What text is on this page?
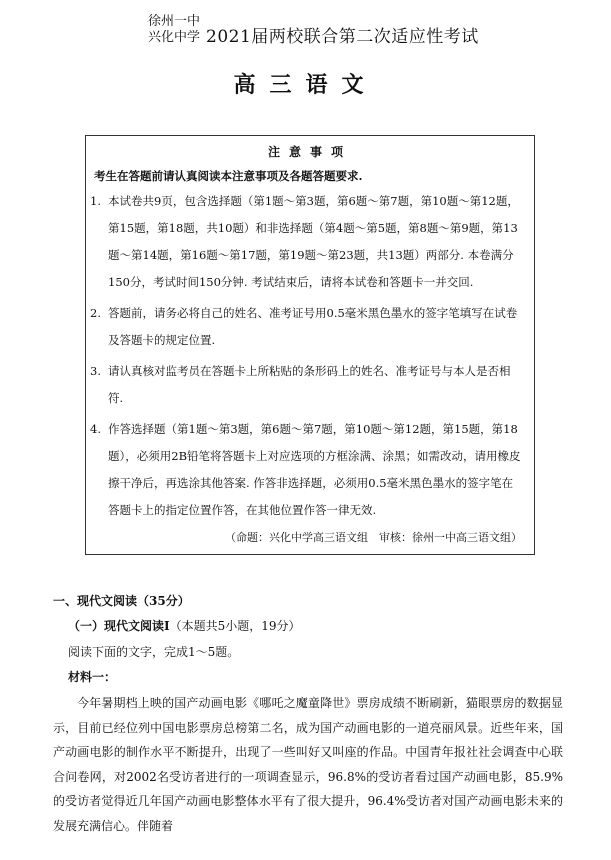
徐州一中
兴化中学 2021届两校联合第二次适应性考试
高三语文
注意事项
考生在答题前请认真阅读本注意事项及各题答题要求.
1. 本试卷共9页，包含选择题（第1题～第3题，第6题～第7题，第10题～第12题，第15题，第18题，共10题）和非选择题（第4题～第5题，第8题～第9题，第13题～第14题，第16题～第17题，第19题～第23题，共13题）两部分. 本卷满分150分，考试时间150分钟. 考试结束后，请将本试卷和答题卡一并交回.
2. 答题前，请务必将自己的姓名、准考证号用0.5毫米黑色墨水的签字笔填写在试卷及答题卡的规定位置.
3. 请认真核对监考员在答题卡上所粘贴的条形码上的姓名、准考证号与本人是否相符.
4. 作答选择题（第1题～第3题，第6题～第7题，第10题～第12题，第15题，第18题），必须用2B铅笔将答题卡上对应选项的方框涂满、涂黑；如需改动，请用橡皮擦干净后，再选涂其他答案. 作答非选择题，必须用0.5毫米黑色墨水的签字笔在答题卡上的指定位置作答，在其他位置作答一律无效.
（命题：兴化中学高三语文组　审核：徐州一中高三语文组）
一、现代文阅读（35分）
（一）现代文阅读Ⅰ（本题共5小题，19分）
阅读下面的文字，完成1～5题。
材料一：
今年暑期档上映的国产动画电影《哪吒之魔童降世》票房成绩不断刷新，猫眼票房的数据显示，目前已经位列中国电影票房总榜第二名，成为国产动画电影的一道亮丽风景。近些年来，国产动画电影的制作水平不断提升，出现了一些叫好又叫座的作品。中国青年报社社会调查中心联合问卷网，对2002名受访者进行的一项调查显示，96.8%的受访者看过国产动画电影，85.9%的受访者觉得近几年国产动画电影整体水平有了很大提升，96.4%受访者对国产动画电影未来的发展充满信心。伴随着
